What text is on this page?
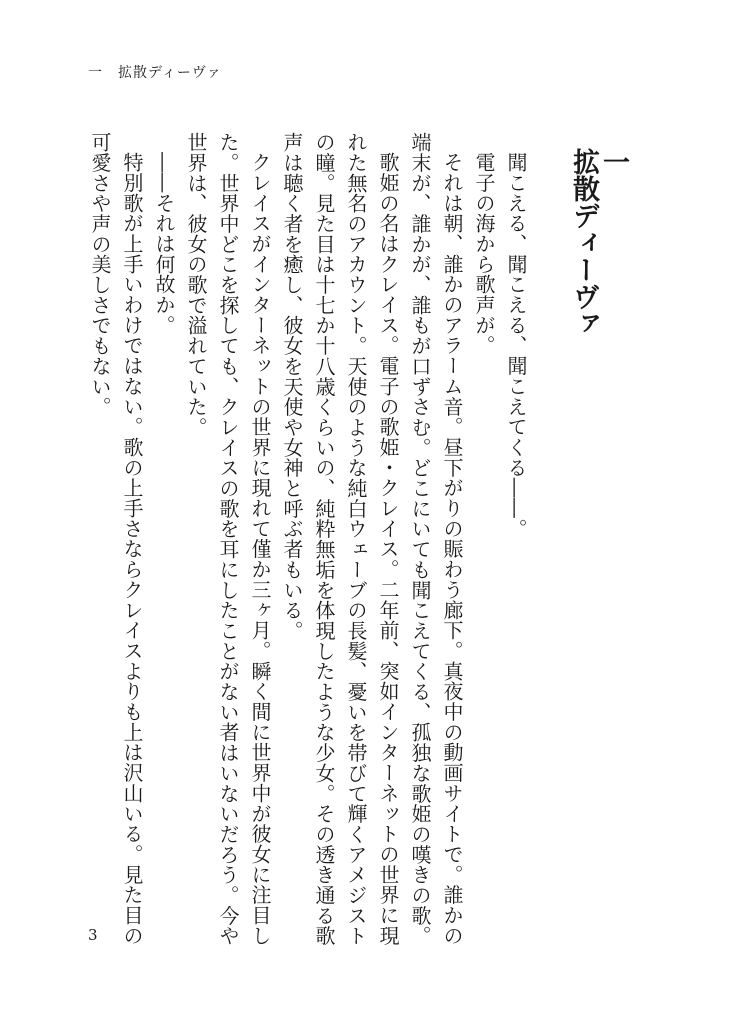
一　拡散ディーヴァ
一
拡散ディーヴァ
聞こえる、聞こえる、聞こえてくる――。
電子の海から歌声が。
それは朝、誰かのアラーム音。昼下がりの賑わう廊下。真夜中の動画サイトで。誰かの
端末が、誰かが、誰もが口ずさむ。どこにいても聞こえてくる、孤独な歌姫の嘆きの歌。
歌姫の名はクレイス。電子の歌姫・クレイス。二年前、突如インターネットの世界に現
れた無名のアカウント。天使のような純白ウェーブの長髪、憂いを帯びて輝くアメジスト
の瞳。見た目は十七か十八歳くらいの、純粋無垢を体現したような少女。その透き通る歌
声は聴く者を癒し、彼女を天使や女神と呼ぶ者もいる。
クレイスがインターネットの世界に現れて僅か三ヶ月。瞬く間に世界中が彼女に注目し
た。世界中どこを探しても、クレイスの歌を耳にしたことがない者はいないだろう。今や
世界は、彼女の歌で溢れていた。
――それは何故か。
特別歌が上手いわけではない。歌の上手さならクレイスよりも上は沢山いる。見た目の
可愛さや声の美しさでもない。
3
